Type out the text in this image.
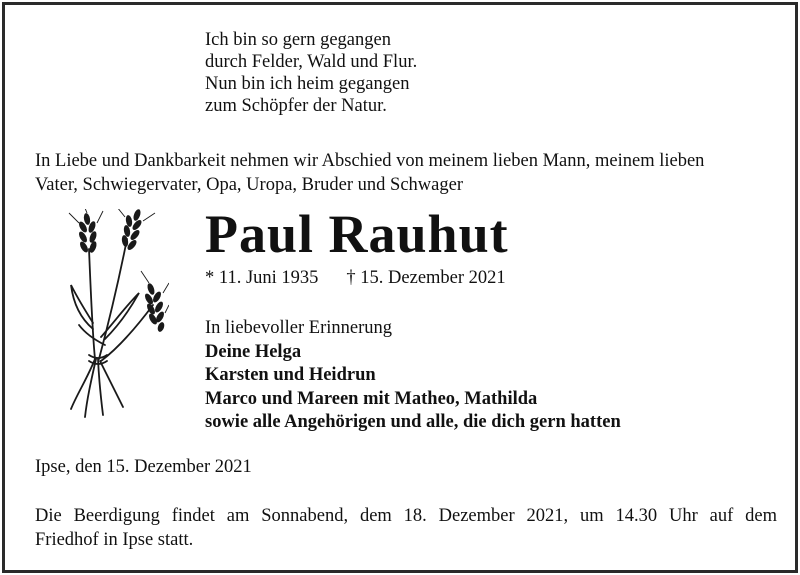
Ich bin so gern gegangen
durch Felder, Wald und Flur.
Nun bin ich heim gegangen
zum Schöpfer der Natur.
In Liebe und Dankbarkeit nehmen wir Abschied von meinem lieben Mann, meinem lieben
Vater, Schwiegervater, Opa, Uropa, Bruder und Schwager
Paul Rauhut
* 11. Juni 1935 † 15. Dezember 2021
In liebevoller Erinnerung
Deine Helga
Karsten und Heidrun
Marco und Mareen mit Matheo, Mathilda
sowie alle Angehörigen und alle, die dich gern hatten
Ipse, den 15. Dezember 2021
Die Beerdigung findet am Sonnabend, dem 18. Dezember 2021, um 14.30 Uhr auf dem
Friedhof in Ipse statt.
